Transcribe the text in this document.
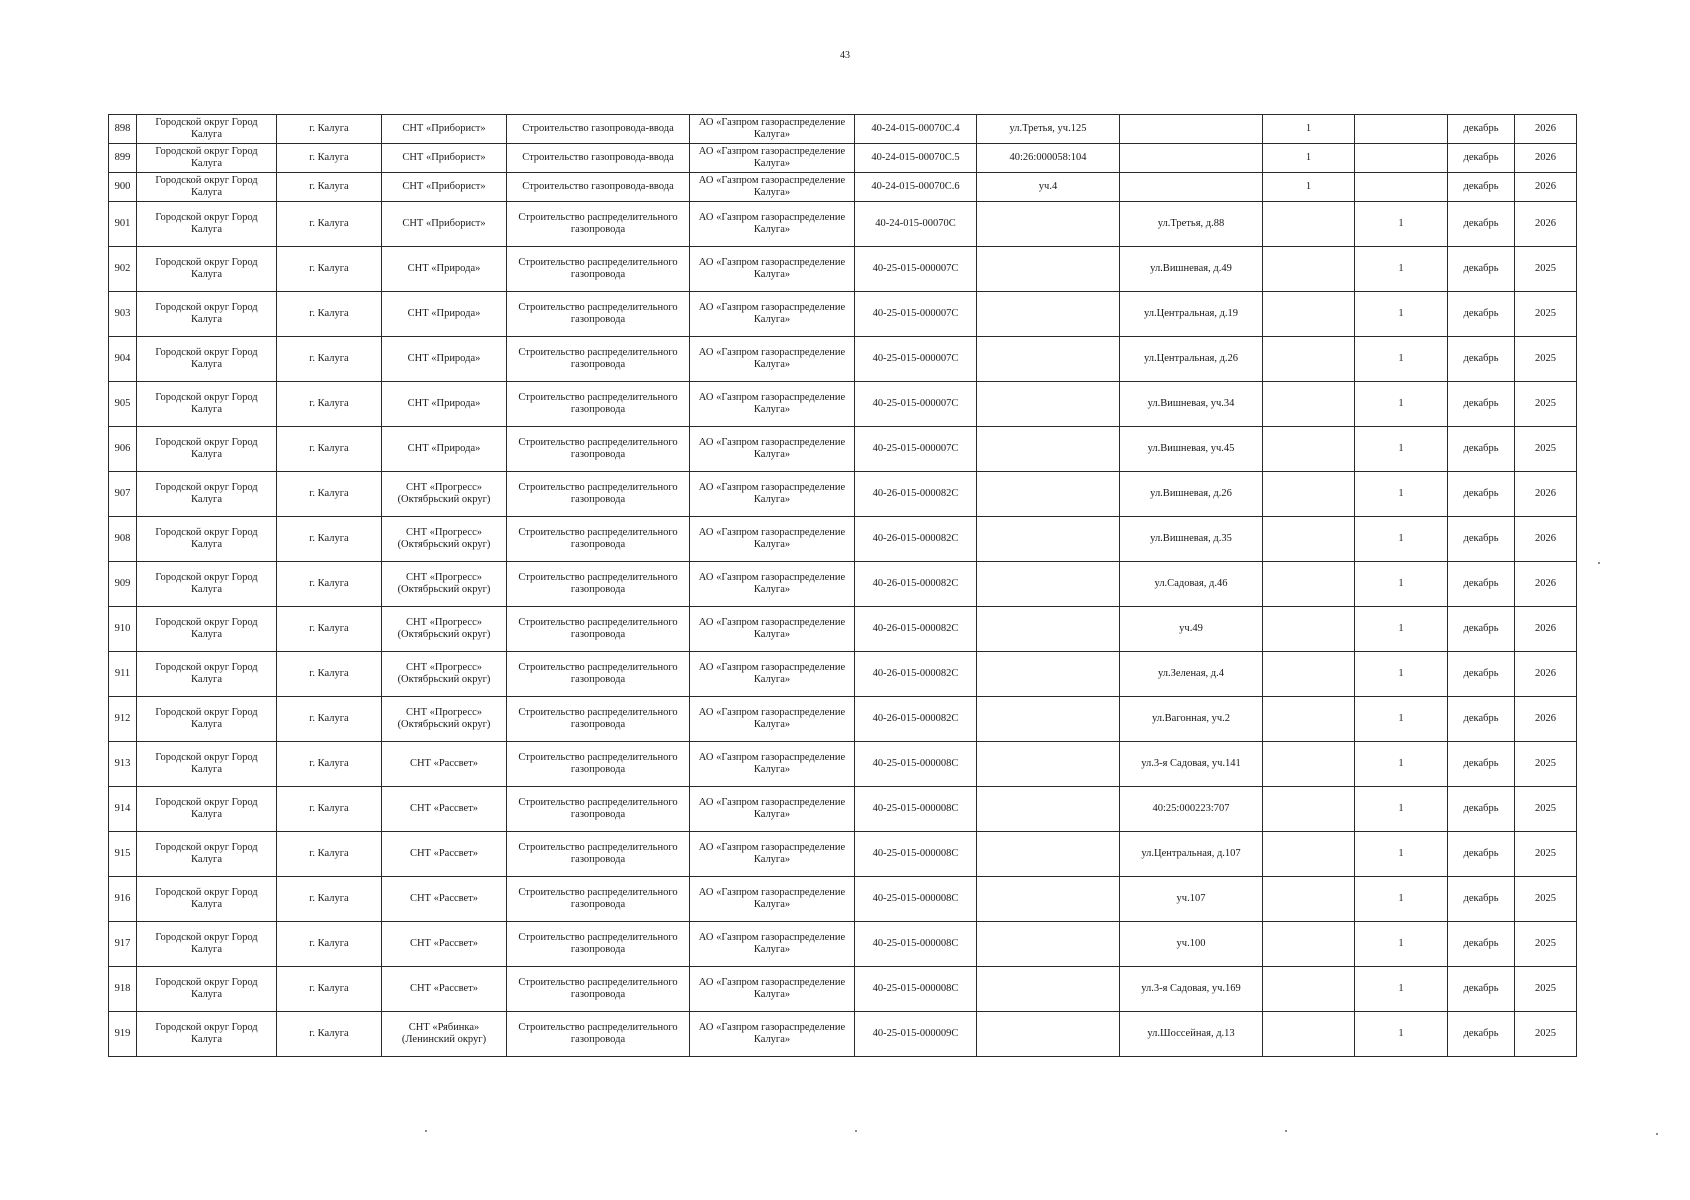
43
898	Городской округ Город Калуга	г. Калуга	СНТ «Приборист»	Строительство газопровода-ввода	АО «Газпром газораспределение Калуга»	40-24-015-00070С.4	ул.Третья, уч.125		1		декабрь	2026
899	Городской округ Город Калуга	г. Калуга	СНТ «Приборист»	Строительство газопровода-ввода	АО «Газпром газораспределение Калуга»	40-24-015-00070С.5	40:26:000058:104		1		декабрь	2026
900	Городской округ Город Калуга	г. Калуга	СНТ «Приборист»	Строительство газопровода-ввода	АО «Газпром газораспределение Калуга»	40-24-015-00070С.6	уч.4		1		декабрь	2026
901	Городской округ Город Калуга	г. Калуга	СНТ «Приборист»	Строительство распределительного газопровода	АО «Газпром газораспределение Калуга»	40-24-015-00070С		ул.Третья, д.88		1	декабрь	2026
902	Городской округ Город Калуга	г. Калуга	СНТ «Природа»	Строительство распределительного газопровода	АО «Газпром газораспределение Калуга»	40-25-015-000007С		ул.Вишневая, д.49		1	декабрь	2025
903	Городской округ Город Калуга	г. Калуга	СНТ «Природа»	Строительство распределительного газопровода	АО «Газпром газораспределение Калуга»	40-25-015-000007С		ул.Центральная, д.19		1	декабрь	2025
904	Городской округ Город Калуга	г. Калуга	СНТ «Природа»	Строительство распределительного газопровода	АО «Газпром газораспределение Калуга»	40-25-015-000007С		ул.Центральная, д.26		1	декабрь	2025
905	Городской округ Город Калуга	г. Калуга	СНТ «Природа»	Строительство распределительного газопровода	АО «Газпром газораспределение Калуга»	40-25-015-000007С		ул.Вишневая, уч.34		1	декабрь	2025
906	Городской округ Город Калуга	г. Калуга	СНТ «Природа»	Строительство распределительного газопровода	АО «Газпром газораспределение Калуга»	40-25-015-000007С		ул.Вишневая, уч.45		1	декабрь	2025
907	Городской округ Город Калуга	г. Калуга	СНТ «Прогресс» (Октябрьский округ)	Строительство распределительного газопровода	АО «Газпром газораспределение Калуга»	40-26-015-000082С		ул.Вишневая, д.26		1	декабрь	2026
908	Городской округ Город Калуга	г. Калуга	СНТ «Прогресс» (Октябрьский округ)	Строительство распределительного газопровода	АО «Газпром газораспределение Калуга»	40-26-015-000082С		ул.Вишневая, д.35		1	декабрь	2026
909	Городской округ Город Калуга	г. Калуга	СНТ «Прогресс» (Октябрьский округ)	Строительство распределительного газопровода	АО «Газпром газораспределение Калуга»	40-26-015-000082С		ул.Садовая, д.46		1	декабрь	2026
910	Городской округ Город Калуга	г. Калуга	СНТ «Прогресс» (Октябрьский округ)	Строительство распределительного газопровода	АО «Газпром газораспределение Калуга»	40-26-015-000082С		уч.49		1	декабрь	2026
911	Городской округ Город Калуга	г. Калуга	СНТ «Прогресс» (Октябрьский округ)	Строительство распределительного газопровода	АО «Газпром газораспределение Калуга»	40-26-015-000082С		ул.Зеленая, д.4		1	декабрь	2026
912	Городской округ Город Калуга	г. Калуга	СНТ «Прогресс» (Октябрьский округ)	Строительство распределительного газопровода	АО «Газпром газораспределение Калуга»	40-26-015-000082С		ул.Вагонная, уч.2		1	декабрь	2026
913	Городской округ Город Калуга	г. Калуга	СНТ «Рассвет»	Строительство распределительного газопровода	АО «Газпром газораспределение Калуга»	40-25-015-000008С		ул.3-я Садовая, уч.141		1	декабрь	2025
914	Городской округ Город Калуга	г. Калуга	СНТ «Рассвет»	Строительство распределительного газопровода	АО «Газпром газораспределение Калуга»	40-25-015-000008С		40:25:000223:707		1	декабрь	2025
915	Городской округ Город Калуга	г. Калуга	СНТ «Рассвет»	Строительство распределительного газопровода	АО «Газпром газораспределение Калуга»	40-25-015-000008С		ул.Центральная, д.107		1	декабрь	2025
916	Городской округ Город Калуга	г. Калуга	СНТ «Рассвет»	Строительство распределительного газопровода	АО «Газпром газораспределение Калуга»	40-25-015-000008С		уч.107		1	декабрь	2025
917	Городской округ Город Калуга	г. Калуга	СНТ «Рассвет»	Строительство распределительного газопровода	АО «Газпром газораспределение Калуга»	40-25-015-000008С		уч.100		1	декабрь	2025
918	Городской округ Город Калуга	г. Калуга	СНТ «Рассвет»	Строительство распределительного газопровода	АО «Газпром газораспределение Калуга»	40-25-015-000008С		ул.3-я Садовая, уч.169		1	декабрь	2025
919	Городской округ Город Калуга	г. Калуга	СНТ «Рябинка» (Ленинский округ)	Строительство распределительного газопровода	АО «Газпром газораспределение Калуга»	40-25-015-000009С		ул.Шоссейная, д.13		1	декабрь	2025
